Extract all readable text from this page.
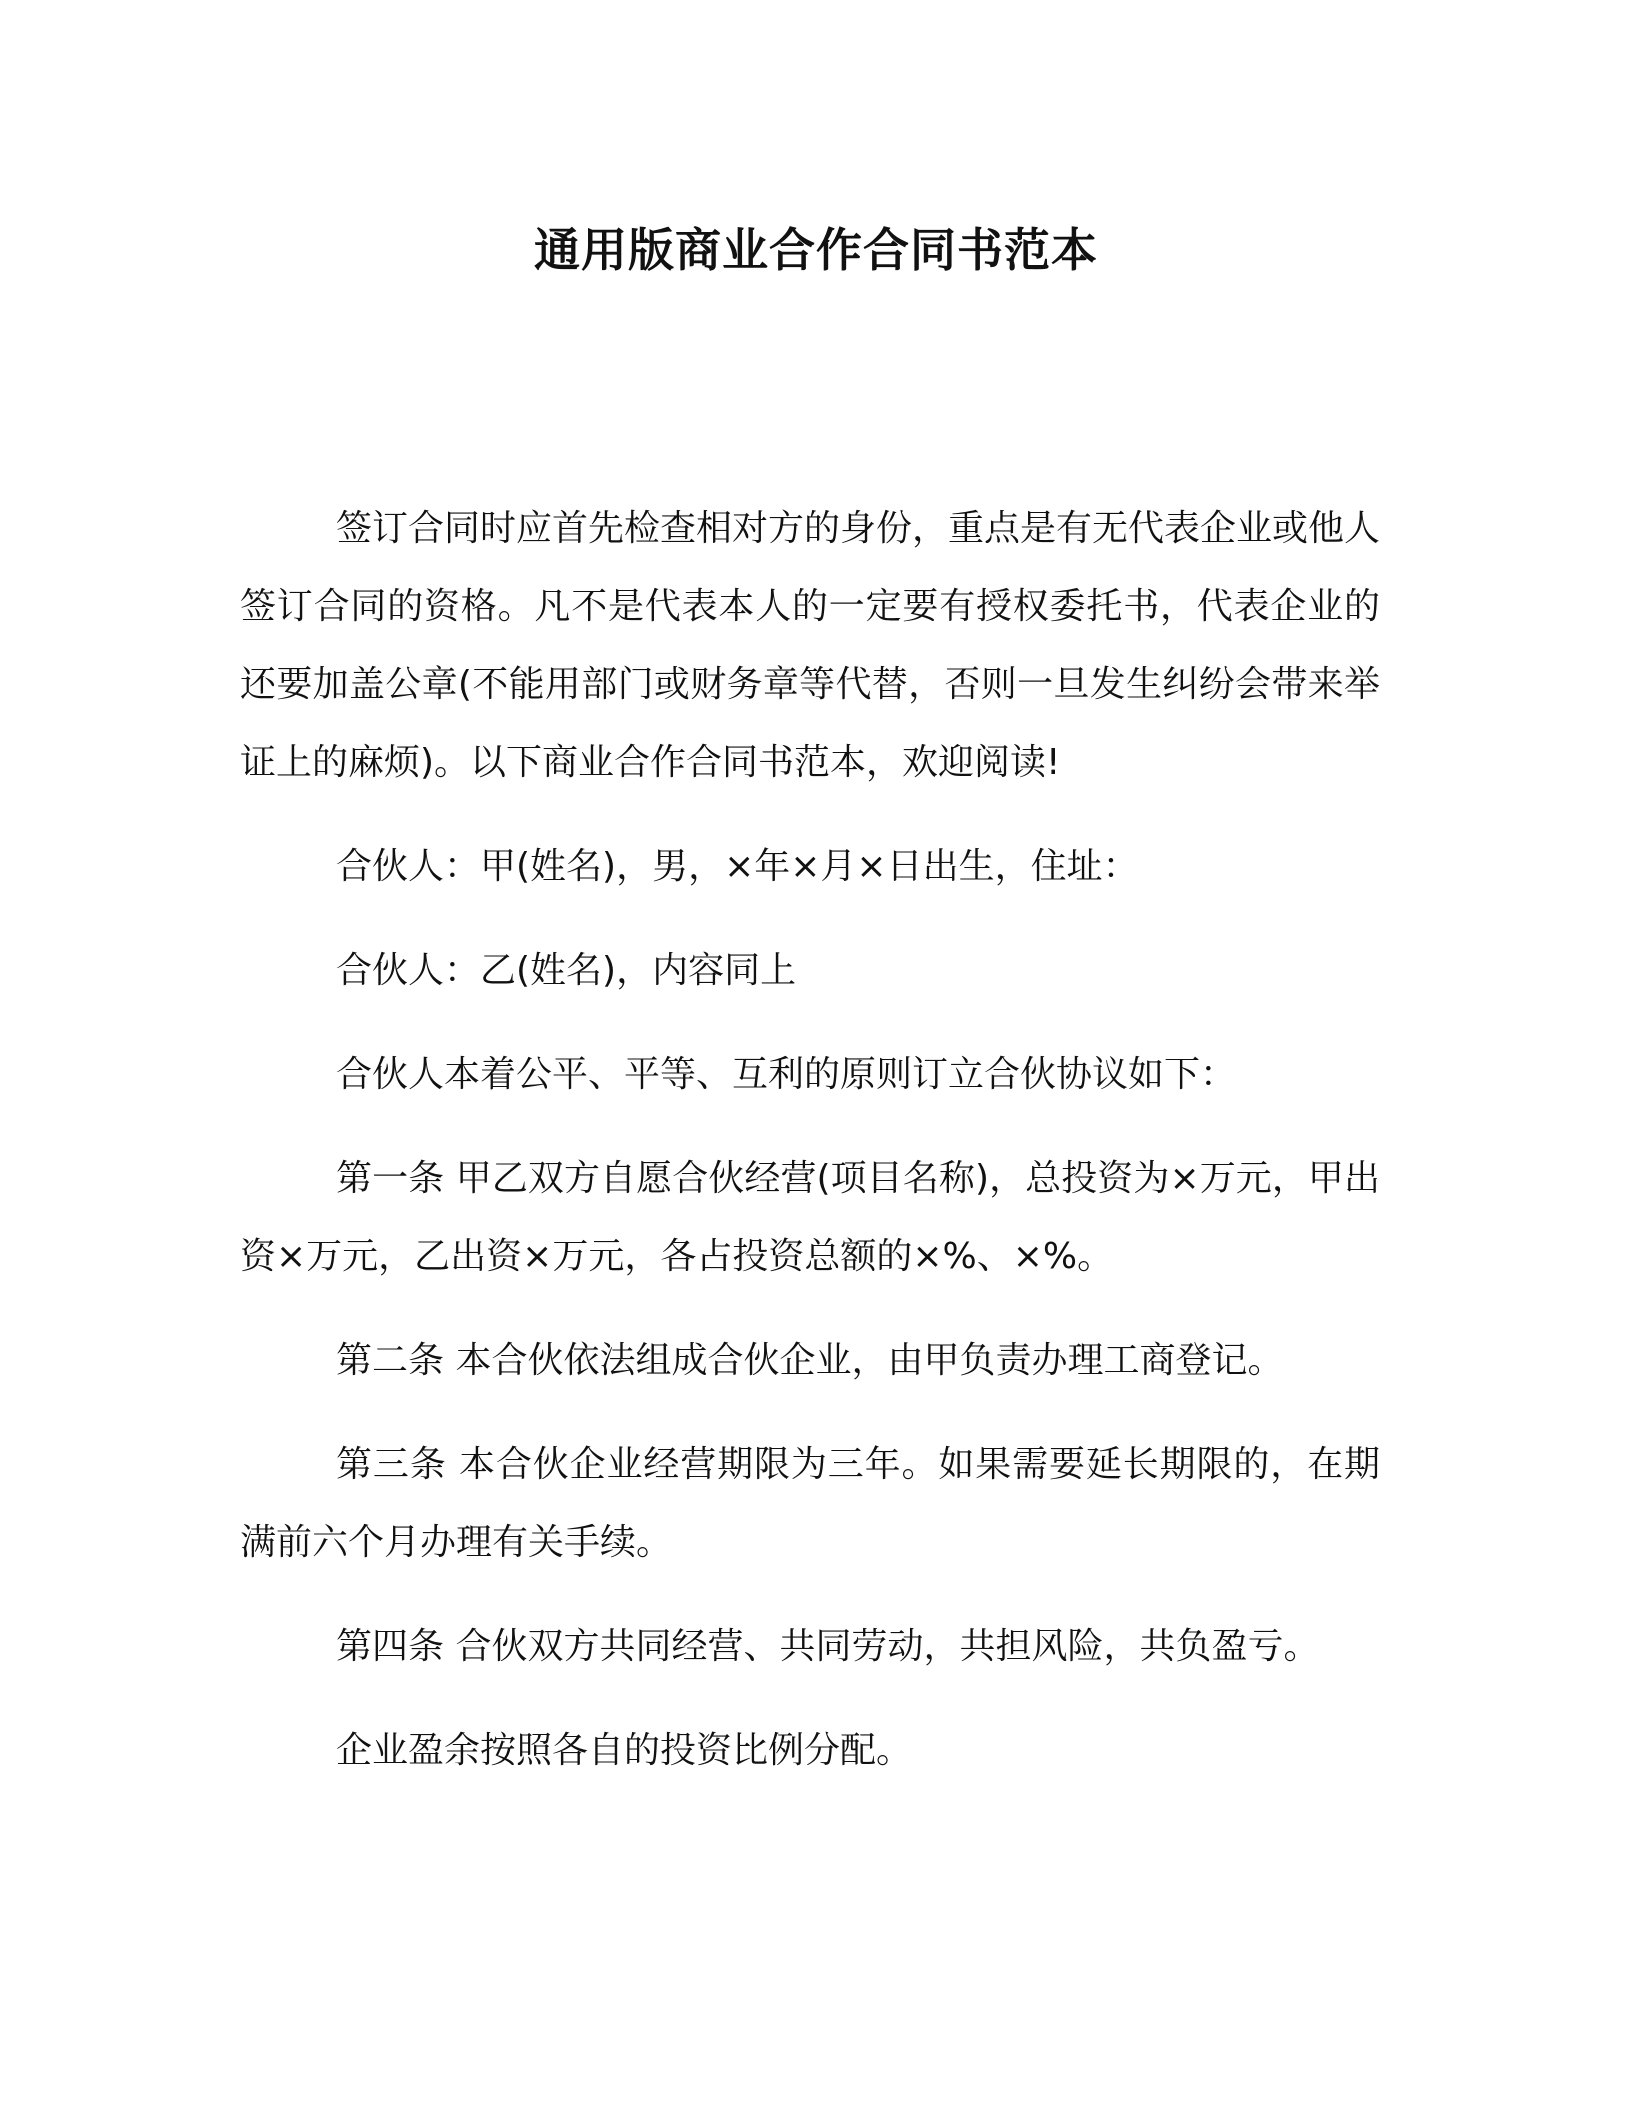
通用版商业合作合同书范本

签订合同时应首先检查相对方的身份，重点是有无代表企业或他人签订合同的资格。凡不是代表本人的一定要有授权委托书，代表企业的还要加盖公章(不能用部门或财务章等代替，否则一旦发生纠纷会带来举证上的麻烦)。以下商业合作合同书范本，欢迎阅读!

合伙人：甲(姓名)，男，×年×月×日出生，住址：

合伙人：乙(姓名)，内容同上

合伙人本着公平、平等、互利的原则订立合伙协议如下：

第一条 甲乙双方自愿合伙经营(项目名称)，总投资为×万元，甲出资×万元，乙出资×万元，各占投资总额的×%、×%。

第二条 本合伙依法组成合伙企业，由甲负责办理工商登记。

第三条 本合伙企业经营期限为三年。如果需要延长期限的，在期满前六个月办理有关手续。

第四条 合伙双方共同经营、共同劳动，共担风险，共负盈亏。

企业盈余按照各自的投资比例分配。
